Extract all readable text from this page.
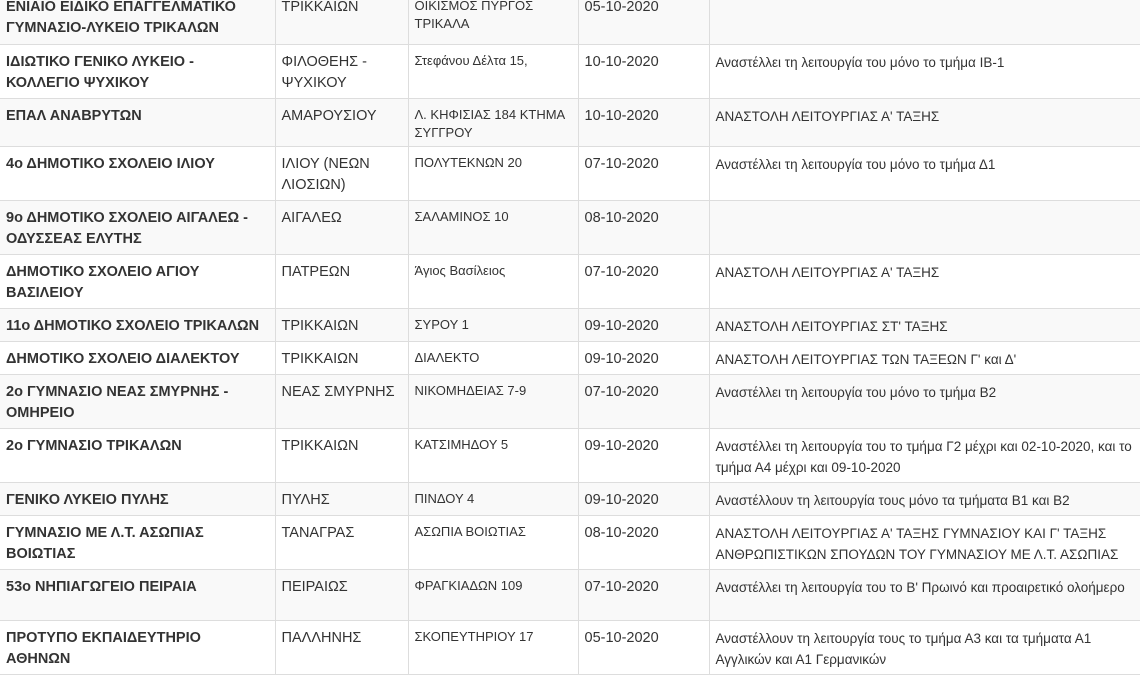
ΕΝΙΑΙΟ ΕΙΔΙΚΟ ΕΠΑΓΓΕΛΜΑΤΙΚΟ ΓΥΜΝΑΣΙΟ-ΛΥΚΕΙΟ ΤΡΙΚΑΛΩΝ	ΤΡΙΚΚΑΙΩΝ	ΟΙΚΙΣΜΟΣ ΠΥΡΓΟΣ ΤΡΙΚΑΛΑ	05-10-2020	
ΙΔΙΩΤΙΚΟ ΓΕΝΙΚΟ ΛΥΚΕΙΟ - ΚΟΛΛΕΓΙΟ ΨΥΧΙΚΟΥ	ΦΙΛΟΘΕΗΣ - ΨΥΧΙΚΟΥ	Στεφάνου Δέλτα 15,	10-10-2020	Αναστέλλει τη λειτουργία του μόνο το τμήμα ΙΒ-1
ΕΠΑΛ ΑΝΑΒΡΥΤΩΝ	ΑΜΑΡΟΥΣΙΟΥ	Λ. ΚΗΦΙΣΙΑΣ 184 ΚΤΗΜΑ ΣΥΓΓΡΟΥ	10-10-2020	ΑΝΑΣΤΟΛΗ ΛΕΙΤΟΥΡΓΙΑΣ Α' ΤΑΞΗΣ
4ο ΔΗΜΟΤΙΚΟ ΣΧΟΛΕΙΟ ΙΛΙΟΥ	ΙΛΙΟΥ (ΝΕΩΝ ΛΙΟΣΙΩΝ)	ΠΟΛΥΤΕΚΝΩΝ 20	07-10-2020	Αναστέλλει τη λειτουργία του μόνο το τμήμα Δ1
9ο ΔΗΜΟΤΙΚΟ ΣΧΟΛΕΙΟ ΑΙΓΑΛΕΩ - ΟΔΥΣΣΕΑΣ ΕΛΥΤΗΣ	ΑΙΓΑΛΕΩ	ΣΑΛΑΜΙΝΟΣ 10	08-10-2020	
ΔΗΜΟΤΙΚΟ ΣΧΟΛΕΙΟ ΑΓΙΟΥ ΒΑΣΙΛΕΙΟΥ	ΠΑΤΡΕΩΝ	Άγιος Βασίλειος	07-10-2020	ΑΝΑΣΤΟΛΗ ΛΕΙΤΟΥΡΓΙΑΣ Α' ΤΑΞΗΣ
11ο ΔΗΜΟΤΙΚΟ ΣΧΟΛΕΙΟ ΤΡΙΚΑΛΩΝ	ΤΡΙΚΚΑΙΩΝ	ΣΥΡΟΥ 1	09-10-2020	ΑΝΑΣΤΟΛΗ ΛΕΙΤΟΥΡΓΙΑΣ ΣΤ' ΤΑΞΗΣ
ΔΗΜΟΤΙΚΟ ΣΧΟΛΕΙΟ ΔΙΑΛΕΚΤΟΥ	ΤΡΙΚΚΑΙΩΝ	ΔΙΑΛΕΚΤΟ	09-10-2020	ΑΝΑΣΤΟΛΗ ΛΕΙΤΟΥΡΓΙΑΣ ΤΩΝ ΤΑΞΕΩΝ Γ' και Δ'
2ο ΓΥΜΝΑΣΙΟ ΝΕΑΣ ΣΜΥΡΝΗΣ - ΟΜΗΡΕΙΟ	ΝΕΑΣ ΣΜΥΡΝΗΣ	ΝΙΚΟΜΗΔΕΙΑΣ 7-9	07-10-2020	Αναστέλλει τη λειτουργία του μόνο το τμήμα Β2
2ο ΓΥΜΝΑΣΙΟ ΤΡΙΚΑΛΩΝ	ΤΡΙΚΚΑΙΩΝ	ΚΑΤΣΙΜΗΔΟΥ 5	09-10-2020	Αναστέλλει τη λειτουργία του το τμήμα Γ2 μέχρι και 02-10-2020, και το τμήμα Α4 μέχρι και 09-10-2020
ΓΕΝΙΚΟ ΛΥΚΕΙΟ ΠΥΛΗΣ	ΠΥΛΗΣ	ΠΙΝΔΟΥ 4	09-10-2020	Αναστέλλουν τη λειτουργία τους μόνο τα τμήματα Β1 και Β2
ΓΥΜΝΑΣΙΟ ΜΕ Λ.Τ. ΑΣΩΠΙΑΣ ΒΟΙΩΤΙΑΣ	ΤΑΝΑΓΡΑΣ	ΑΣΩΠΙΑ ΒΟΙΩΤΙΑΣ	08-10-2020	ΑΝΑΣΤΟΛΗ ΛΕΙΤΟΥΡΓΙΑΣ Α' ΤΑΞΗΣ ΓΥΜΝΑΣΙΟΥ ΚΑΙ Γ' ΤΑΞΗΣ ΑΝΘΡΩΠΙΣΤΙΚΩΝ ΣΠΟΥΔΩΝ ΤΟΥ ΓΥΜΝΑΣΙΟΥ ΜΕ Λ.Τ. ΑΣΩΠΙΑΣ
53ο ΝΗΠΙΑΓΩΓΕΙΟ ΠΕΙΡΑΙΑ	ΠΕΙΡΑΙΩΣ	ΦΡΑΓΚΙΑΔΩΝ 109	07-10-2020	Αναστέλλει τη λειτουργία του το Β' Πρωινό και προαιρετικό ολοήμερο
ΠΡΟΤΥΠΟ ΕΚΠΑΙΔΕΥΤΗΡΙΟ ΑΘΗΝΩΝ	ΠΑΛΛΗΝΗΣ	ΣΚΟΠΕΥΤΗΡΙΟΥ 17	05-10-2020	Αναστέλλουν τη λειτουργία τους το τμήμα Α3 και τα τμήματα Α1 Αγγλικών και Α1 Γερμανικών
